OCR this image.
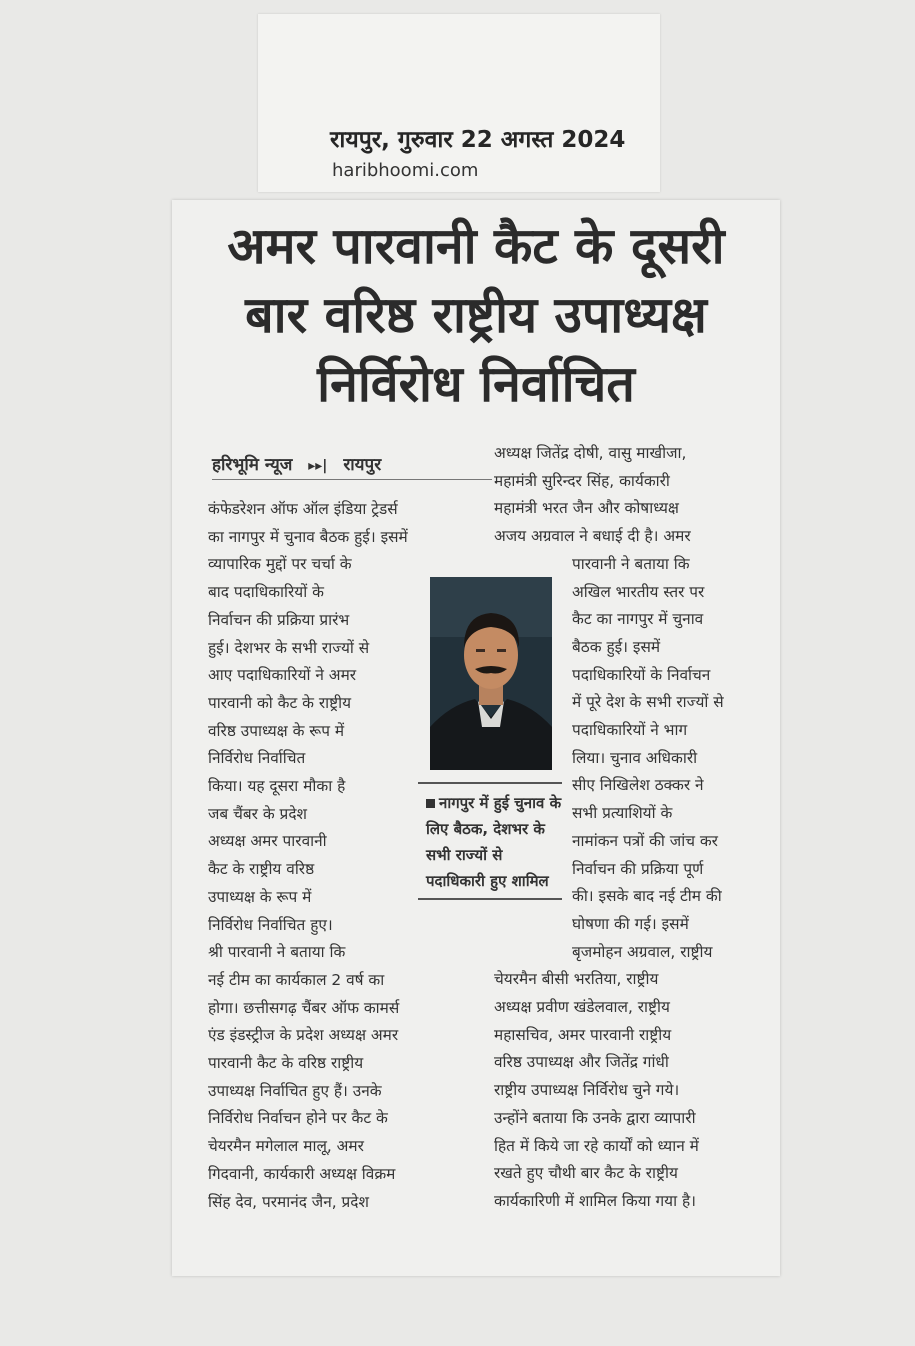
रायपुर, गुरुवार 22 अगस्त 2024
haribhoomi.com
अमर पारवानी कैट के दूसरी
बार वरिष्ठ राष्ट्रीय उपाध्यक्ष
निर्विरोध निर्वाचित
हरिभूमि न्यूज ▸▸| रायपुर
कंफेडरेशन ऑफ ऑल इंडिया ट्रेडर्स
का नागपुर में चुनाव बैठक हुई। इसमें
व्यापारिक मुद्दों पर चर्चा के
बाद पदाधिकारियों के
निर्वाचन की प्रक्रिया प्रारंभ
हुई। देशभर के सभी राज्यों से
आए पदाधिकारियों ने अमर
पारवानी को कैट के राष्ट्रीय
वरिष्ठ उपाध्यक्ष के रूप में
निर्विरोध निर्वाचित
किया। यह दूसरा मौका है
जब चैंबर के प्रदेश
अध्यक्ष अमर पारवानी
कैट के राष्ट्रीय वरिष्ठ
उपाध्यक्ष के रूप में
निर्विरोध निर्वाचित हुए।
श्री पारवानी ने बताया कि
नई टीम का कार्यकाल 2 वर्ष का
होगा। छत्तीसगढ़ चैंबर ऑफ कामर्स
एंड इंडस्ट्रीज के प्रदेश अध्यक्ष अमर
पारवानी कैट के वरिष्ठ राष्ट्रीय
उपाध्यक्ष निर्वाचित हुए हैं। उनके
निर्विरोध निर्वाचन होने पर कैट के
चेयरमैन मगेलाल मालू, अमर
गिदवानी, कार्यकारी अध्यक्ष विक्रम
सिंह देव, परमानंद जैन, प्रदेश
अध्यक्ष जितेंद्र दोषी, वासु माखीजा,
महामंत्री सुरिन्दर सिंह, कार्यकारी
महामंत्री भरत जैन और कोषाध्यक्ष
अजय अग्रवाल ने बधाई दी है। अमर
पारवानी ने बताया कि
अखिल भारतीय स्तर पर
कैट का नागपुर में चुनाव
बैठक हुई। इसमें
पदाधिकारियों के निर्वाचन
में पूरे देश के सभी राज्यों से
पदाधिकारियों ने भाग
लिया। चुनाव अधिकारी
सीए निखिलेश ठक्कर ने
सभी प्रत्याशियों के
नामांकन पत्रों की जांच कर
निर्वाचन की प्रक्रिया पूर्ण
की। इसके बाद नई टीम की
घोषणा की गई। इसमें
बृजमोहन अग्रवाल, राष्ट्रीय
चेयरमैन बीसी भरतिया, राष्ट्रीय
अध्यक्ष प्रवीण खंडेलवाल, राष्ट्रीय
महासचिव, अमर पारवानी राष्ट्रीय
वरिष्ठ उपाध्यक्ष और जितेंद्र गांधी
राष्ट्रीय उपाध्यक्ष निर्विरोध चुने गये।
उन्होंने बताया कि उनके द्वारा व्यापारी
हित में किये जा रहे कार्यों को ध्यान में
रखते हुए चौथी बार कैट के राष्ट्रीय
कार्यकारिणी में शामिल किया गया है।
नागपुर में हुई चुनाव के लिए बैठक, देशभर के सभी राज्यों से पदाधिकारी हुए शामिल
